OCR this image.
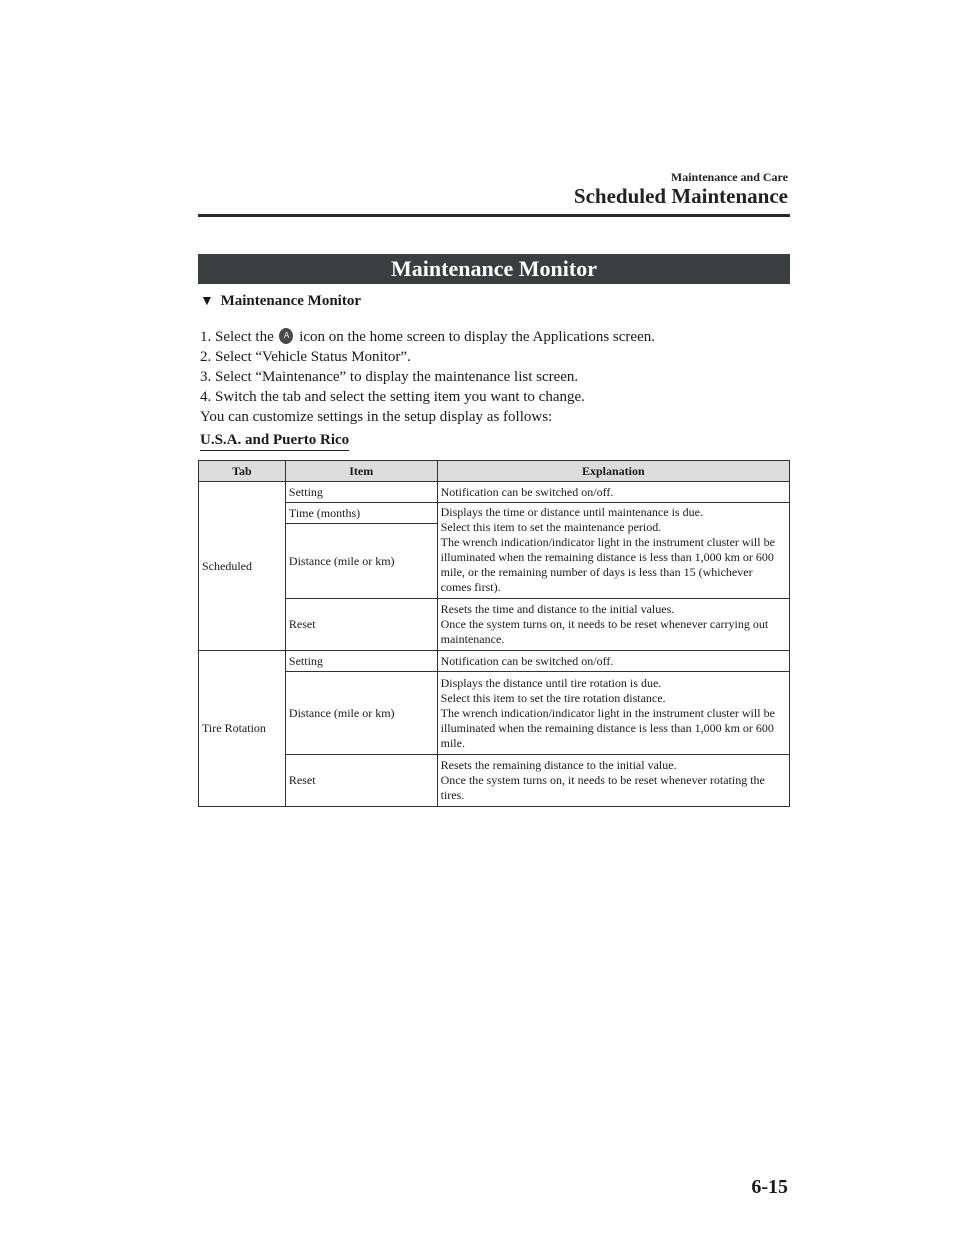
Maintenance and Care
Scheduled Maintenance
Maintenance Monitor
▼ Maintenance Monitor
1. Select the A icon on the home screen to display the Applications screen.
2. Select “Vehicle Status Monitor”.
3. Select “Maintenance” to display the maintenance list screen.
4. Switch the tab and select the setting item you want to change.
You can customize settings in the setup display as follows:
U.S.A. and Puerto Rico
Tab	Item	Explanation
Scheduled	Setting	Notification can be switched on/off.
	Time (months)	Displays the time or distance until maintenance is due.
Select this item to set the maintenance period.
The wrench indication/indicator light in the instrument cluster will be illuminated when the remaining distance is less than 1,000 km or 600 mile, or the remaining number of days is less than 15 (whichever comes first).

	Distance (mile or km)	
	Reset	Resets the time and distance to the initial values.
Once the system turns on, it needs to be reset whenever carrying out maintenance.

Tire Rotation	Setting	Notification can be switched on/off.
	Distance (mile or km)	Displays the distance until tire rotation is due.
Select this item to set the tire rotation distance.
The wrench indication/indicator light in the instrument cluster will be illuminated when the remaining distance is less than 1,000 km or 600 mile.

	Reset	Resets the remaining distance to the initial value.
Once the system turns on, it needs to be reset whenever rotating the tires.
6-15
